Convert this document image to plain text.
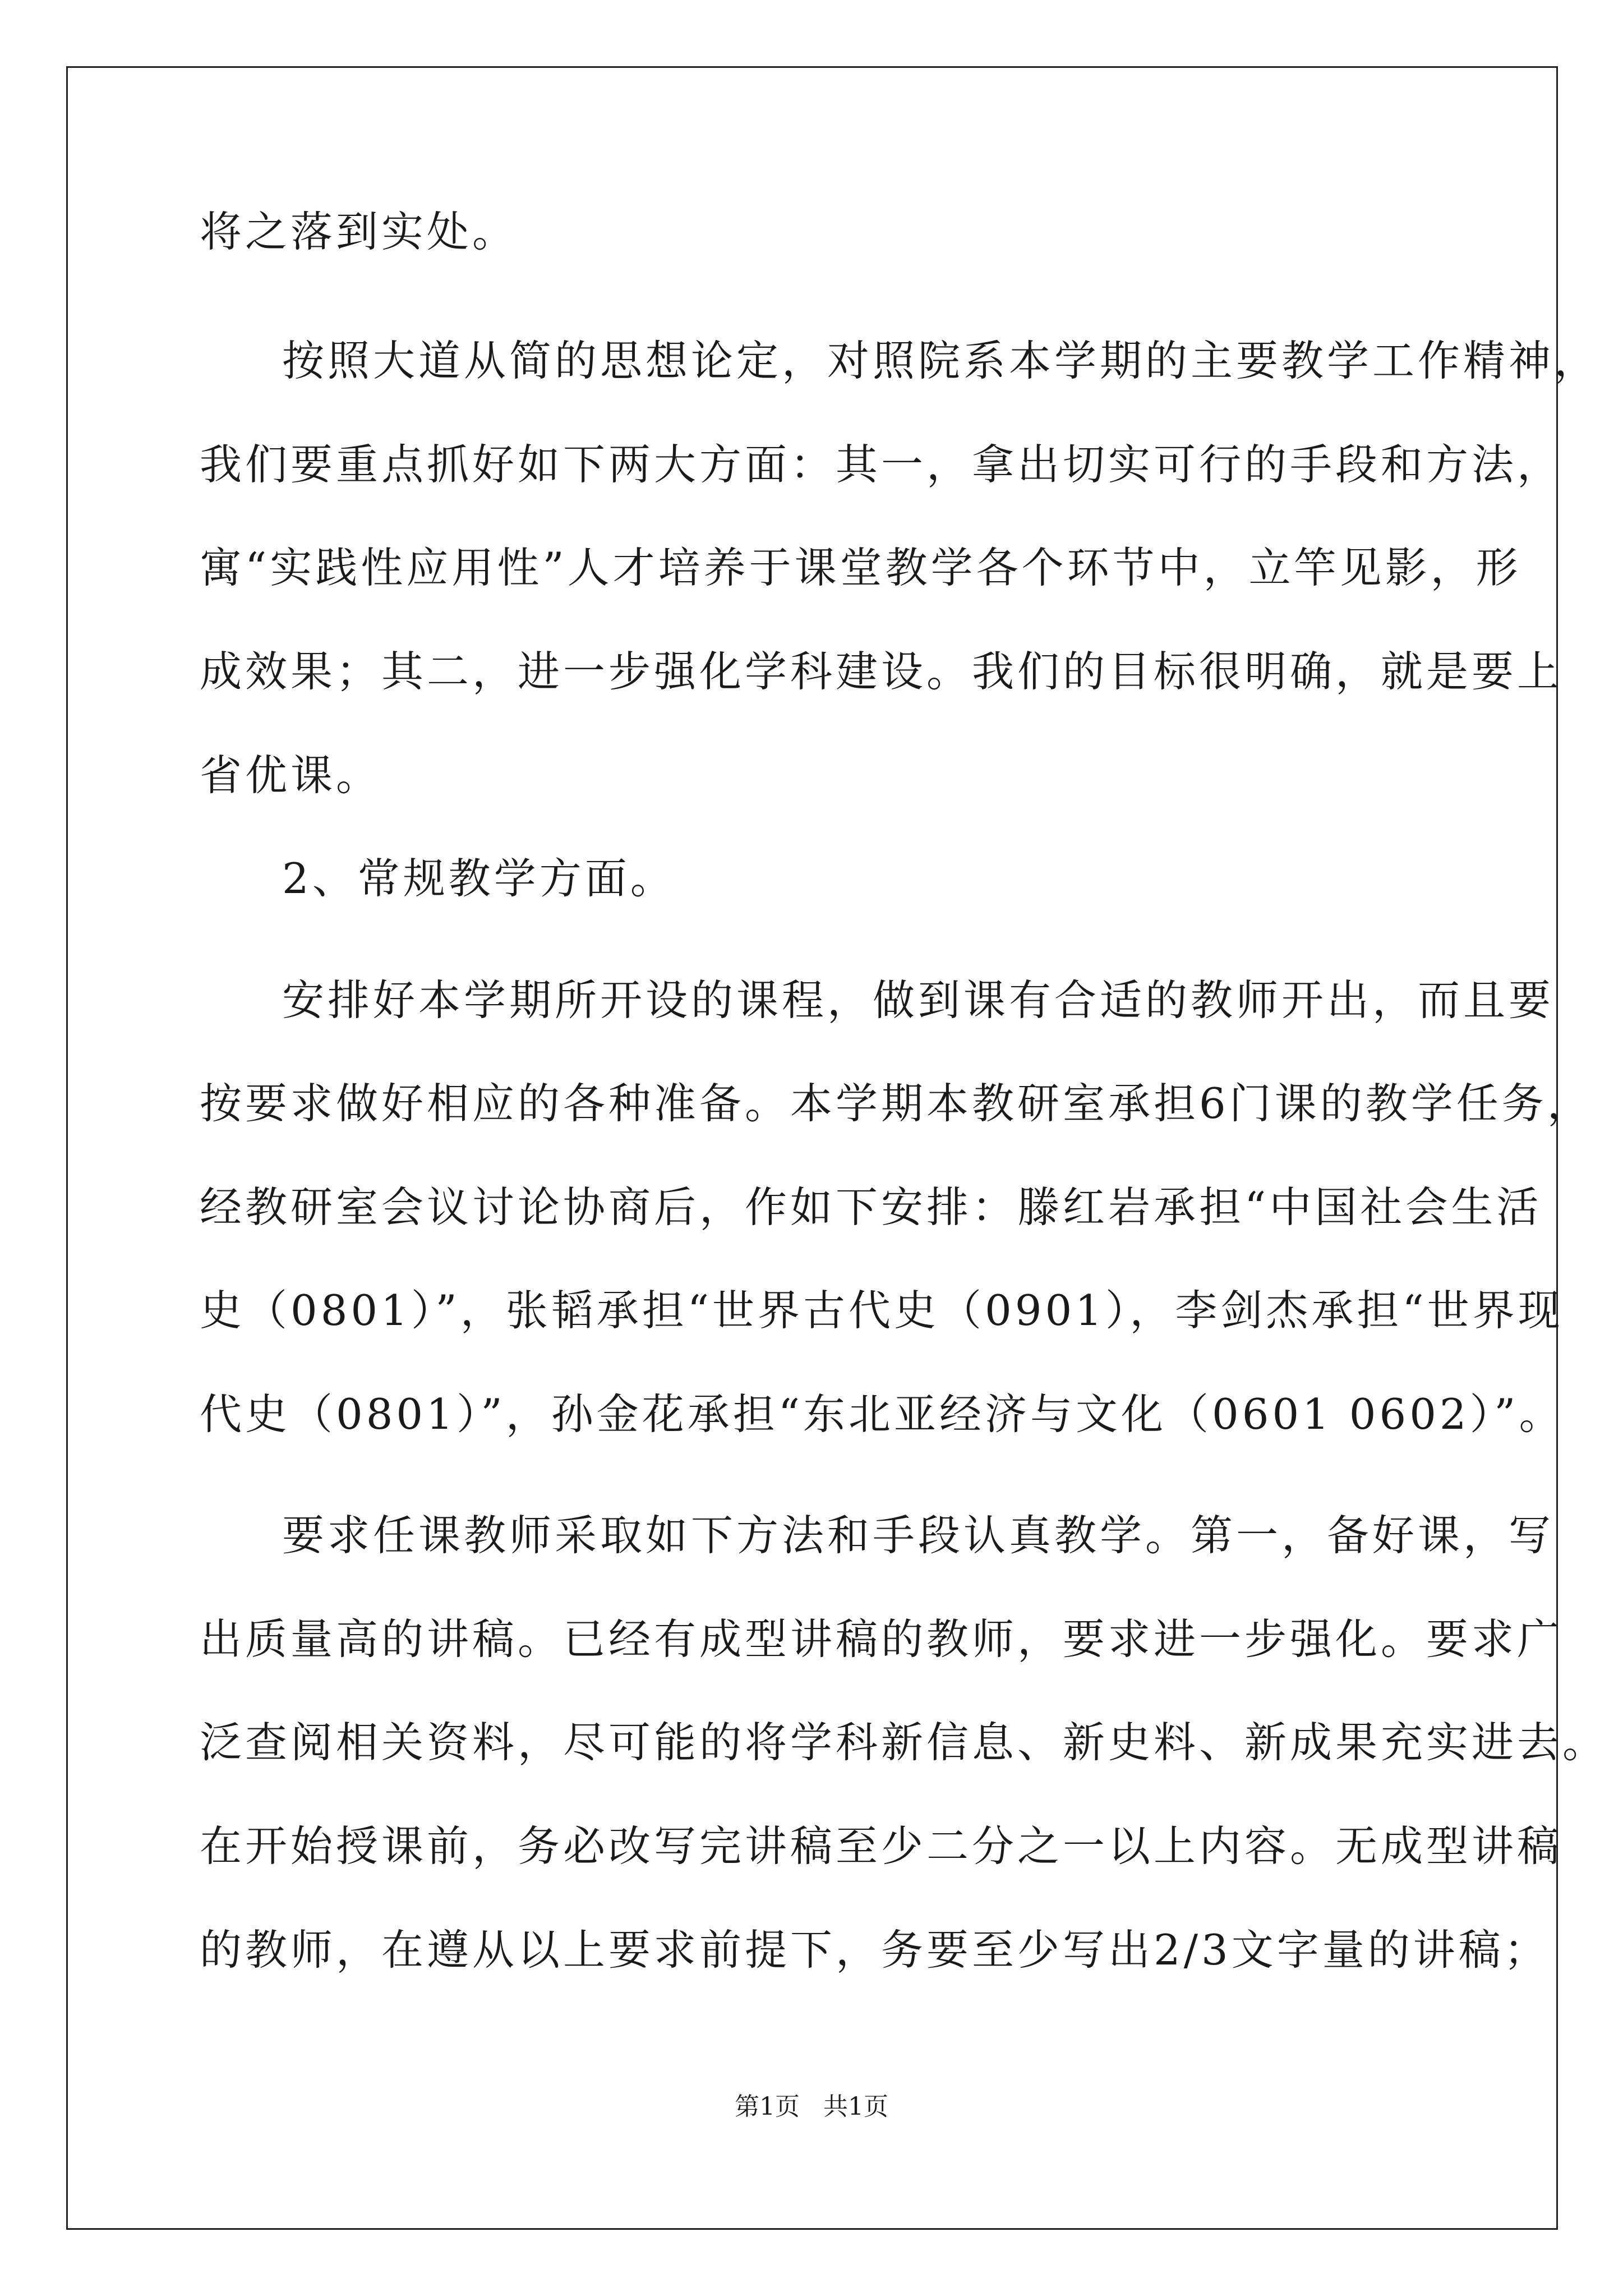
将之落到实处。
按照大道从简的思想论定，对照院系本学期的主要教学工作精神，
我们要重点抓好如下两大方面：其一，拿出切实可行的手段和方法，
寓“实践性应用性”人才培养于课堂教学各个环节中，立竿见影，形
成效果；其二，进一步强化学科建设。我们的目标很明确，就是要上
省优课。
2、常规教学方面。
安排好本学期所开设的课程，做到课有合适的教师开出，而且要
按要求做好相应的各种准备。本学期本教研室承担6门课的教学任务，
经教研室会议讨论协商后，作如下安排：滕红岩承担“中国社会生活
史（0801）”，张韬承担“世界古代史（0901），李剑杰承担“世界现
代史（0801）”，孙金花承担“东北亚经济与文化（0601 0602）”。
要求任课教师采取如下方法和手段认真教学。第一，备好课，写
出质量高的讲稿。已经有成型讲稿的教师，要求进一步强化。要求广
泛查阅相关资料，尽可能的将学科新信息、新史料、新成果充实进去。
在开始授课前，务必改写完讲稿至少二分之一以上内容。无成型讲稿
的教师，在遵从以上要求前提下，务要至少写出2/3文字量的讲稿；
第1页   共1页
